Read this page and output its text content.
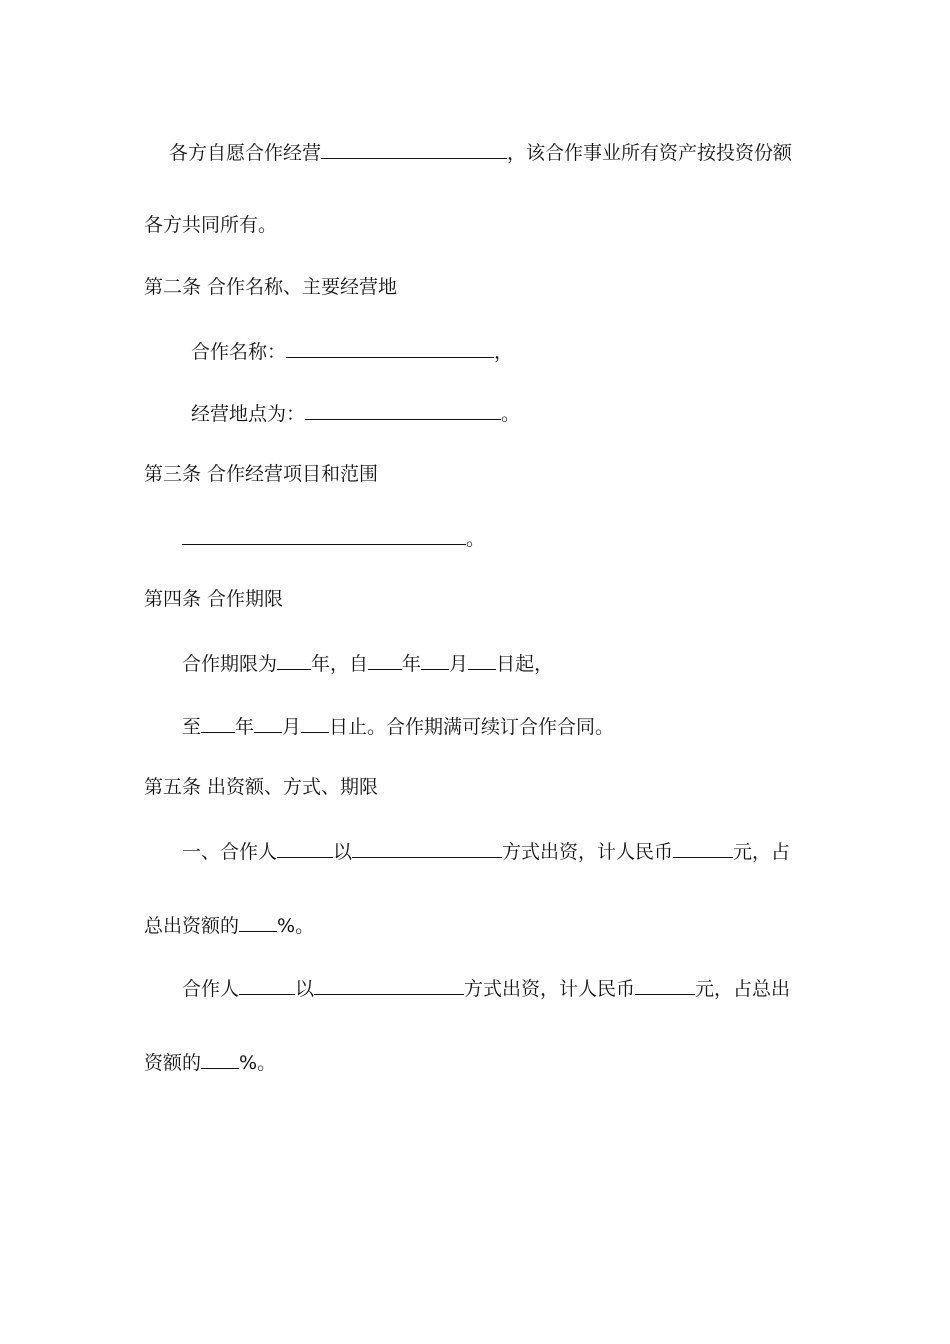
各方自愿合作经营	，该合作事业所有资产按投资份额
各方共同所有。
第二条 合作名称、主要经营地
合作名称：	，
经营地点为：	。
第三条 合作经营项目和范围
。
第四条 合作期限
合作期限为 年，自 年 月 日起，
至 年 月 日止。合作期满可续订合作合同。
第五条 出资额、方式、期限
一、合作人	以	方式出资，计人民币	元，占
总出资额的 %。
合作人	以	方式出资，计人民币	元，占总出
资额的 %。
